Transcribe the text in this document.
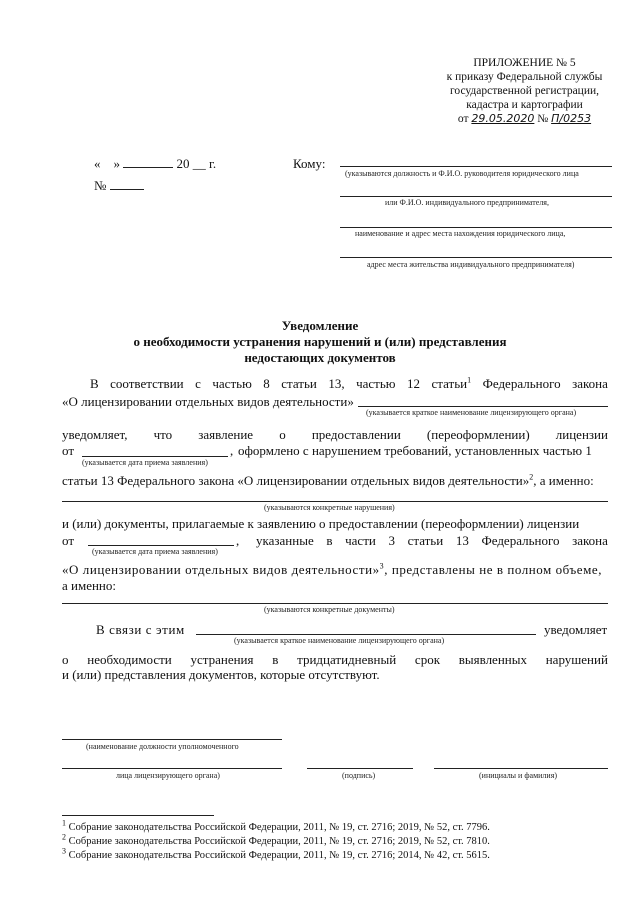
ПРИЛОЖЕНИЕ № 5
к приказу Федеральной службы
государственной регистрации,
кадастра и картографии
от 29.05.2020 № П/0253
« »	20 __ г.
№
Кому:
(указываются должность и Ф.И.О. руководителя юридического лица
или Ф.И.О. индивидуального предпринимателя,
наименование и адрес места нахождения юридического лица,
адрес места жительства индивидуального предпринимателя)
Уведомление
о необходимости устранения нарушений и (или) представления
недостающих документов
В соответствии с частью 8 статьи 13, частью 12 статьи$^1$ Федерального закона
«О лицензировании отдельных видов деятельности»
(указывается краткое наименование лицензирующего органа)
уведомляет, что заявление о предоставлении (переоформлении) лицензии
от	, оформлено с нарушением требований, установленных частью 1
(указывается дата приема заявления)
статьи 13 Федерального закона «О лицензировании отдельных видов деятельности»$^2$, а именно:
(указываются конкретные нарушения)
и (или) документы, прилагаемые к заявлению о предоставлении (переоформлении) лицензии
от	, указанные в части 3 статьи 13 Федерального закона
(указывается дата приема заявления)
«О лицензировании отдельных видов деятельности»$^3$, представлены не в полном объеме,
а именно:
(указываются конкретные документы)
В связи с этим	уведомляет
(указывается краткое наименование лицензирующего органа)
о необходимости устранения в тридцатидневный срок выявленных нарушений
и (или) представления документов, которые отсутствуют.
(наименование должности уполномоченного
лица лицензирующего органа)	(подпись)	(инициалы и фамилия)
$^1$ Собрание законодательства Российской Федерации, 2011, № 19, ст. 2716; 2019, № 52, ст. 7796.
$^2$ Собрание законодательства Российской Федерации, 2011, № 19, ст. 2716; 2019, № 52, ст. 7810.
$^3$ Собрание законодательства Российской Федерации, 2011, № 19, ст. 2716; 2014, № 42, ст. 5615.
